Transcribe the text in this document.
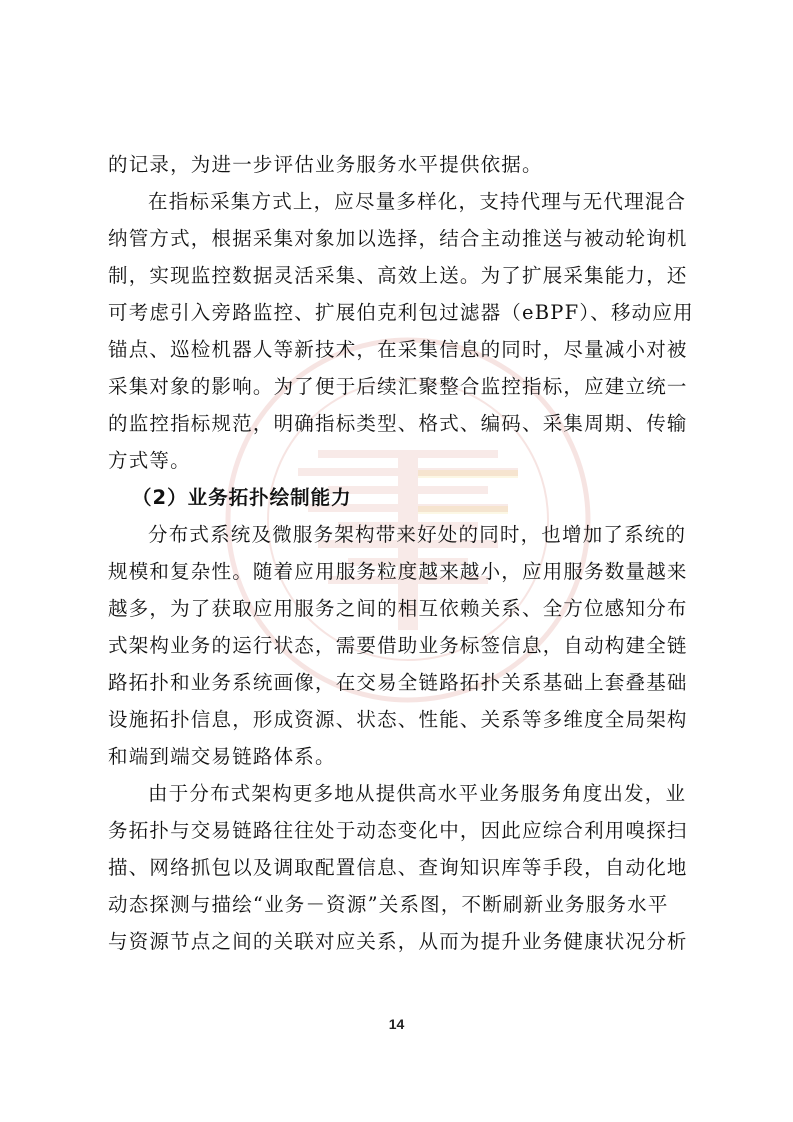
的记录，为进一步评估业务服务水平提供依据。
在指标采集方式上，应尽量多样化，支持代理与无代理混合
纳管方式，根据采集对象加以选择，结合主动推送与被动轮询机
制，实现监控数据灵活采集、高效上送。为了扩展采集能力，还
可考虑引入旁路监控、扩展伯克利包过滤器（eBPF）、移动应用
锚点、巡检机器人等新技术，在采集信息的同时，尽量减小对被
采集对象的影响。为了便于后续汇聚整合监控指标，应建立统一
的监控指标规范，明确指标类型、格式、编码、采集周期、传输
方式等。
（2）业务拓扑绘制能力
分布式系统及微服务架构带来好处的同时，也增加了系统的
规模和复杂性。随着应用服务粒度越来越小，应用服务数量越来
越多，为了获取应用服务之间的相互依赖关系、全方位感知分布
式架构业务的运行状态，需要借助业务标签信息，自动构建全链
路拓扑和业务系统画像，在交易全链路拓扑关系基础上套叠基础
设施拓扑信息，形成资源、状态、性能、关系等多维度全局架构
和端到端交易链路体系。
由于分布式架构更多地从提供高水平业务服务角度出发，业
务拓扑与交易链路往往处于动态变化中，因此应综合利用嗅探扫
描、网络抓包以及调取配置信息、查询知识库等手段，自动化地
动态探测与描绘“业务－资源”关系图，不断刷新业务服务水平
与资源节点之间的关联对应关系，从而为提升业务健康状况分析
14
